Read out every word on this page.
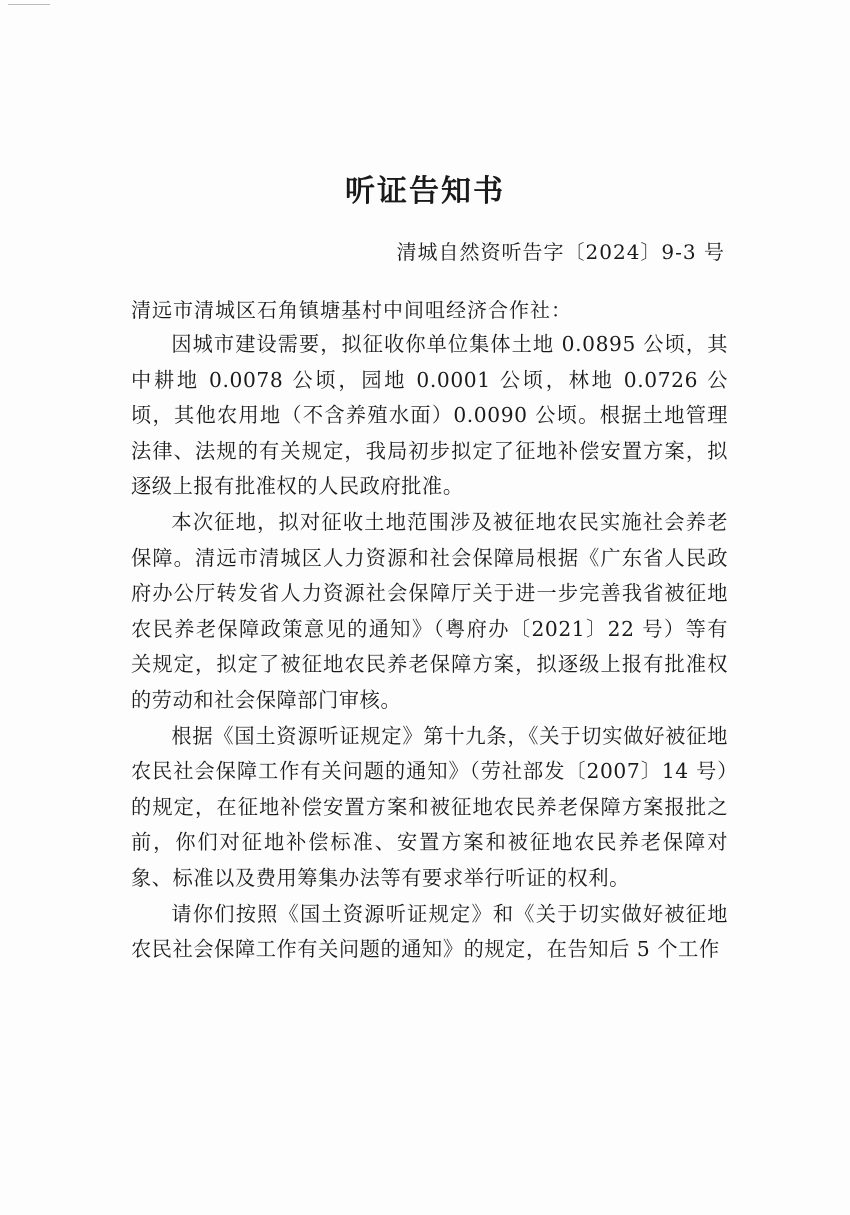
听证告知书
清城自然资听告字〔2024〕9-3 号
清远市清城区石角镇塘基村中间咀经济合作社：

因城市建设需要，拟征收你单位集体土地 0.0895 公顷，其中耕地 0.0078 公顷，园地 0.0001 公顷，林地 0.0726 公顷，其他农用地（不含养殖水面）0.0090 公顷。根据土地管理法律、法规的有关规定，我局初步拟定了征地补偿安置方案，拟逐级上报有批准权的人民政府批准。

本次征地，拟对征收土地范围涉及被征地农民实施社会养老保障。清远市清城区人力资源和社会保障局根据《广东省人民政府办公厅转发省人力资源社会保障厅关于进一步完善我省被征地农民养老保障政策意见的通知》（粤府办〔2021〕22 号）等有关规定，拟定了被征地农民养老保障方案，拟逐级上报有批准权的劳动和社会保障部门审核。

根据《国土资源听证规定》第十九条，《关于切实做好被征地农民社会保障工作有关问题的通知》（劳社部发〔2007〕14 号）的规定，在征地补偿安置方案和被征地农民养老保障方案报批之前，你们对征地补偿标准、安置方案和被征地农民养老保障对象、标准以及费用筹集办法等有要求举行听证的权利。

请你们按照《国土资源听证规定》和《关于切实做好被征地农民社会保障工作有关问题的通知》的规定，在告知后 5 个工作
